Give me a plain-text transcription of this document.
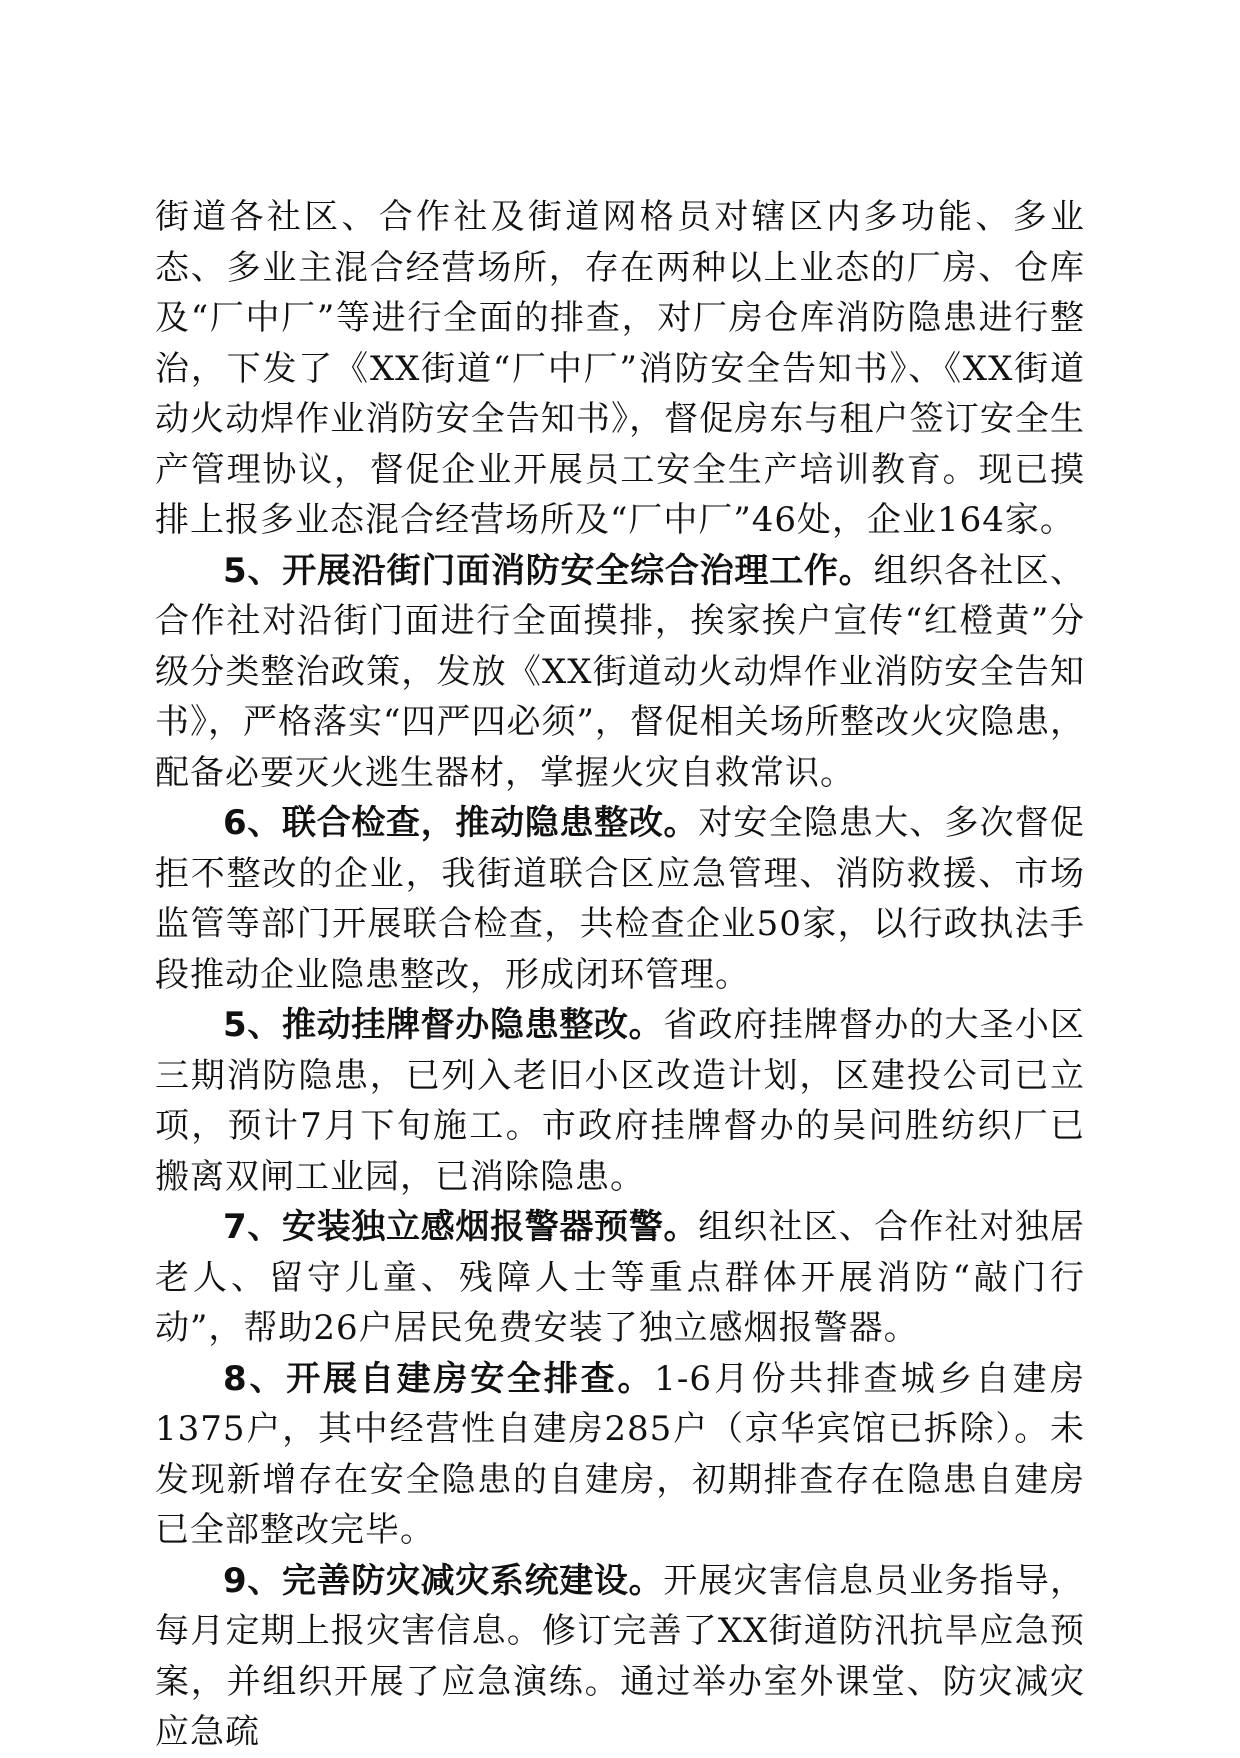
街道各社区、合作社及街道网格员对辖区内多功能、多业态、多业主混合经营场所，存在两种以上业态的厂房、仓库及“厂中厂”等进行全面的排查，对厂房仓库消防隐患进行整治，下发了《XX街道“厂中厂”消防安全告知书》、《XX街道动火动焊作业消防安全告知书》，督促房东与租户签订安全生产管理协议，督促企业开展员工安全生产培训教育。现已摸排上报多业态混合经营场所及“厂中厂”46处，企业164家。

5、开展沿街门面消防安全综合治理工作。组织各社区、合作社对沿街门面进行全面摸排，挨家挨户宣传“红橙黄”分级分类整治政策，发放《XX街道动火动焊作业消防安全告知书》，严格落实“四严四必须”，督促相关场所整改火灾隐患，配备必要灭火逃生器材，掌握火灾自救常识。

6、联合检查，推动隐患整改。对安全隐患大、多次督促拒不整改的企业，我街道联合区应急管理、消防救援、市场监管等部门开展联合检查，共检查企业50家，以行政执法手段推动企业隐患整改，形成闭环管理。

5、推动挂牌督办隐患整改。省政府挂牌督办的大圣小区三期消防隐患，已列入老旧小区改造计划，区建投公司已立项，预计7月下旬施工。市政府挂牌督办的吴问胜纺织厂已搬离双闸工业园，已消除隐患。

7、安装独立感烟报警器预警。组织社区、合作社对独居老人、留守儿童、残障人士等重点群体开展消防“敲门行动”，帮助26户居民免费安装了独立感烟报警器。

8、开展自建房安全排查。1-6月份共排查城乡自建房1375户，其中经营性自建房285户（京华宾馆已拆除）。未发现新增存在安全隐患的自建房，初期排查存在隐患自建房已全部整改完毕。

9、完善防灾减灾系统建设。开展灾害信息员业务指导，每月定期上报灾害信息。修订完善了XX街道防汛抗旱应急预案，并组织开展了应急演练。通过举办室外课堂、防灾减灾应急疏
